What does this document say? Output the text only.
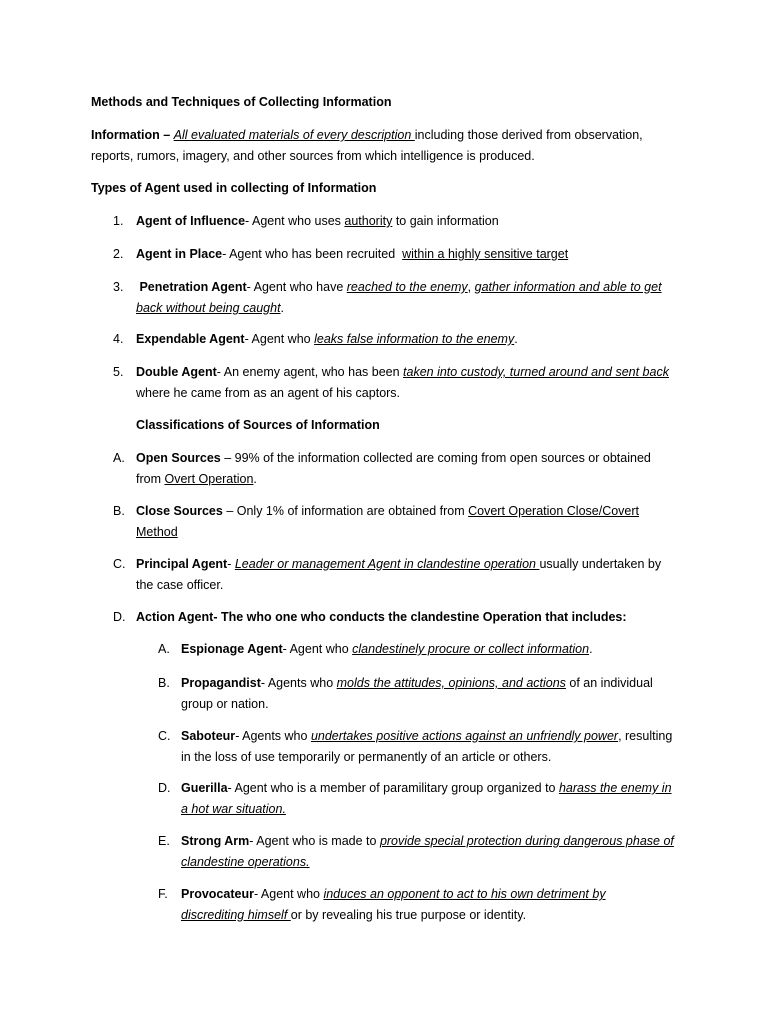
Methods and Techniques of Collecting Information

Information – All evaluated materials of every description including those derived from observation, reports, rumors, imagery, and other sources from which intelligence is produced.

Types of Agent used in collecting of Information

1. Agent of Influence- Agent who uses authority to gain information

2. Agent in Place- Agent who has been recruited  within a highly sensitive target

3. Penetration Agent- Agent who have reached to the enemy, gather information and able to get back without being caught.

4. Expendable Agent- Agent who leaks false information to the enemy.

5. Double Agent- An enemy agent, who has been taken into custody, turned around and sent back where he came from as an agent of his captors.

Classifications of Sources of Information

A. Open Sources – 99% of the information collected are coming from open sources or obtained from Overt Operation.

B. Close Sources – Only 1% of information are obtained from Covert Operation Close/Covert Method

C. Principal Agent- Leader or management Agent in clandestine operation usually undertaken by the case officer.

D. Action Agent- The who one who conducts the clandestine Operation that includes:

A. Espionage Agent- Agent who clandestinely procure or collect information.

B. Propagandist- Agents who molds the attitudes, opinions, and actions of an individual group or nation.

C. Saboteur- Agents who undertakes positive actions against an unfriendly power, resulting in the loss of use temporarily or permanently of an article or others.

D. Guerilla- Agent who is a member of paramilitary group organized to harass the enemy in a hot war situation.

E. Strong Arm- Agent who is made to provide special protection during dangerous phase of clandestine operations.

F. Provocateur- Agent who induces an opponent to act to his own detriment by discrediting himself or by revealing his true purpose or identity.
